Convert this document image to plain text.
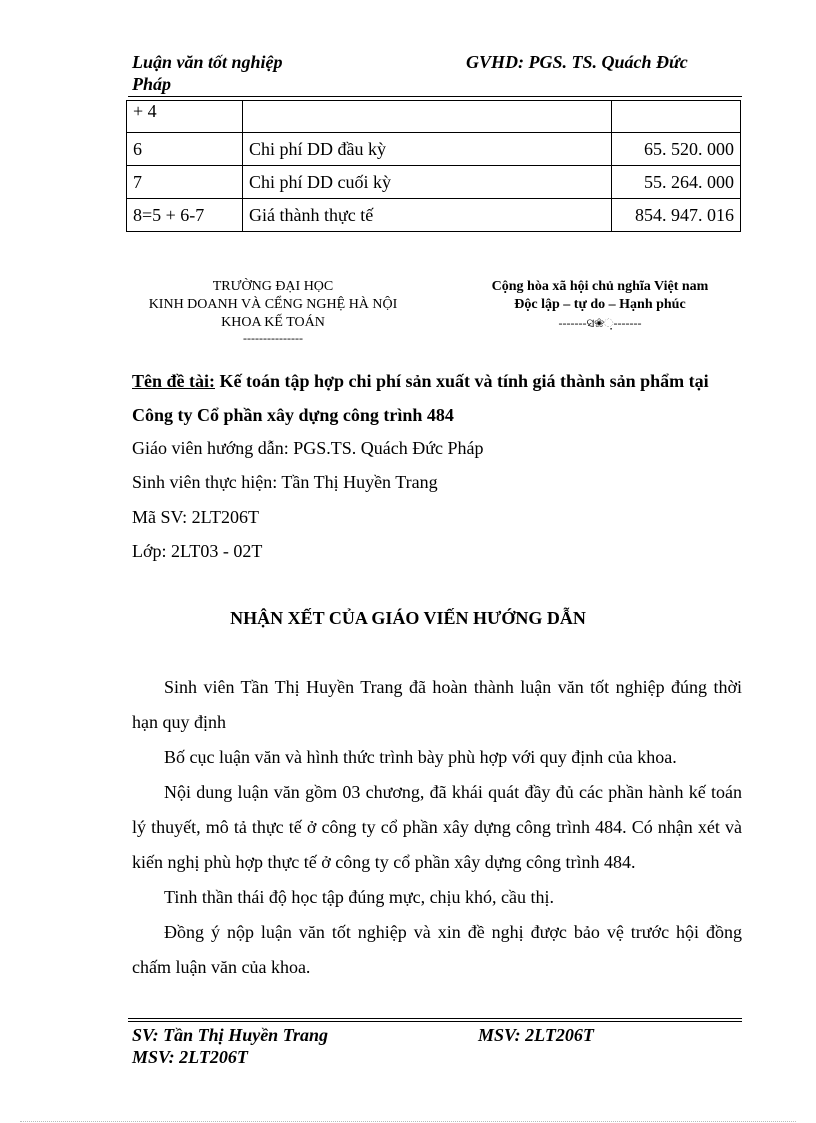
Luận văn tốt nghiệp
Pháp
GVHD: PGS. TS. Quách Đức
+ 4		
6	Chi phí DD đầu kỳ	65. 520. 000
7	Chi phí DD cuối kỳ	55. 264. 000
8=5 + 6-7	Giá thành thực tế	854. 947. 016
TRƯỜNG ĐẠI HỌC
KINH DOANH VÀ CỂNG NGHỆ HÀ NỘI
KHOA KẾ TOÁN
---------------
Cộng hòa xã hội chủ nghĩa Việt nam
Độc lập – tự do – Hạnh phúc
-------ସ❀଼-------
Tên đề tài: Kế toán tập hợp chi phí sản xuất và tính giá thành sản phẩm tại Công ty Cổ phần xây dựng công trình 484
Giáo viên hướng dẫn: PGS.TS. Quách Đức Pháp
Sinh viên thực hiện: Tần Thị Huyền Trang
Mã SV: 2LT206T
Lớp: 2LT03 - 02T
NHẬN XẾT CỦA GIÁO VIẾN HƯỚNG DẪN

Sinh viên Tần Thị Huyền Trang đã hoàn thành luận văn tốt nghiệp đúng thời hạn quy định

Bố cục luận văn và hình thức trình bày phù hợp với quy định của khoa.

Nội dung luận văn gồm 03 chương, đã khái quát đầy đủ các phần hành kế toán lý thuyết, mô tả thực tế ở công ty cổ phần xây dựng công trình 484. Có nhận xét và kiến nghị phù hợp thực tế ở công ty cổ phần xây dựng công trình 484.

Tinh thần thái độ học tập đúng mực, chịu khó, cầu thị.

Đồng ý nộp luận văn tốt nghiệp và xin đề nghị được bảo vệ trước hội đồng chấm luận văn của khoa.

SV: Tần Thị Huyền Trang
MSV: 2LT206T
MSV: 2LT206T
